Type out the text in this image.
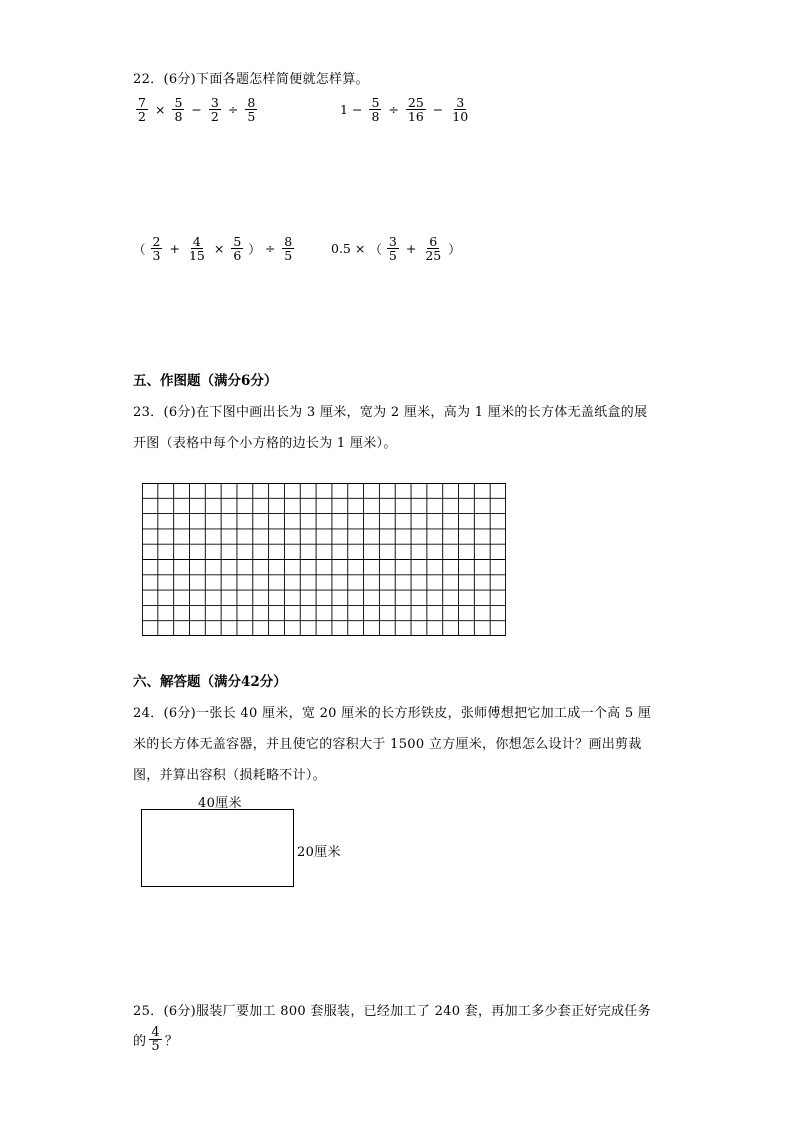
22．(6分)下面各题怎样简便就怎样算。
$\frac{7}{2} \times \frac{5}{8} - \frac{3}{2} \div \frac{8}{5}$	$1 - \frac{5}{8} \div \frac{25}{16} - \frac{3}{10}$
（ $\frac{2}{3} + \frac{4}{15} \times \frac{5}{6}$ ） ÷ $\frac{8}{5}$	0.5 × （ $\frac{3}{5} + \frac{6}{25}$ ）
五、作图题（满分6分）
23．(6分)在下图中画出长为 3 厘米，宽为 2 厘米，高为 1 厘米的长方体无盖纸盒的展
开图（表格中每个小方格的边长为 1 厘米）。
六、解答题（满分42分）
24．(6分)一张长 40 厘米，宽 20 厘米的长方形铁皮，张师傅想把它加工成一个高 5 厘
米的长方体无盖容器，并且使它的容积大于 1500 立方厘米，你想怎么设计？画出剪裁
图，并算出容积（损耗略不计）。
40厘米
20厘米
25．(6分)服装厂要加工 800 套服装，已经加工了 240 套，再加工多少套正好完成任务
的 $\frac{4}{5}$ ？
